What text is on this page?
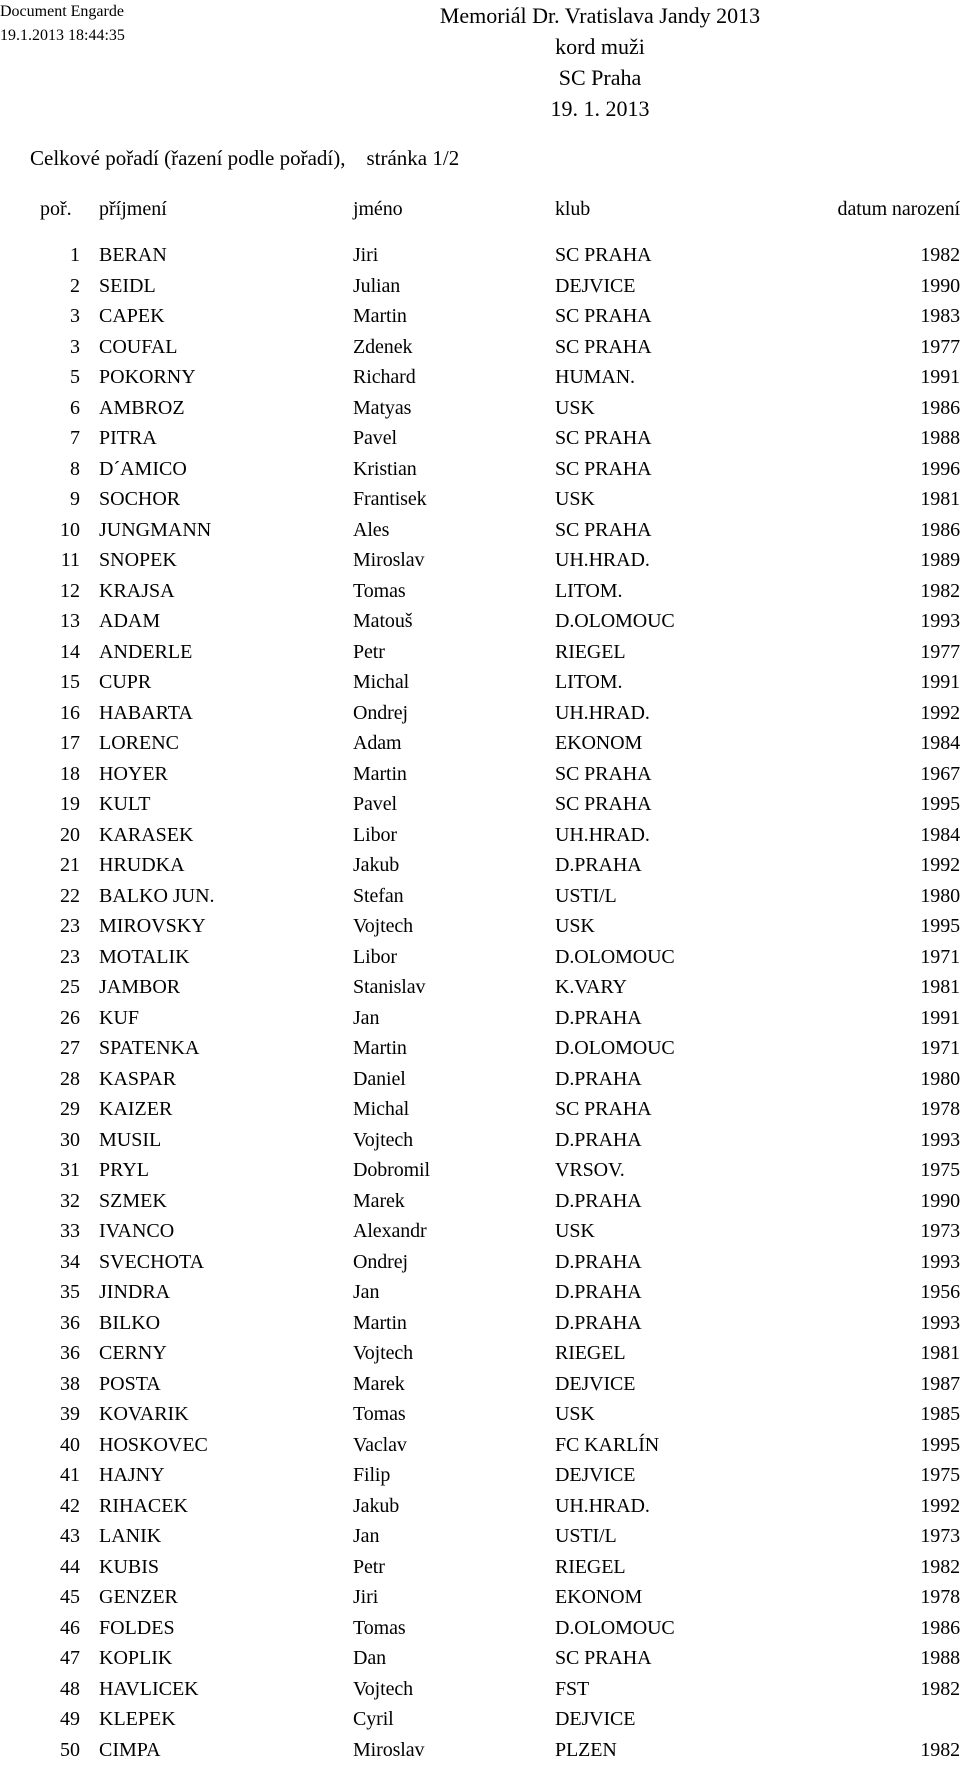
Document Engarde
19.1.2013 18:44:35
Memoriál Dr. Vratislava Jandy 2013
kord muži
SC Praha
19. 1. 2013
Celkové pořadí (řazení podle pořadí),    stránka 1/2
poř. příjmení	jméno	klub	datum narození
1 BERAN	Jiri	SC PRAHA	1982
2 SEIDL	Julian	DEJVICE	1990
3 CAPEK	Martin	SC PRAHA	1983
3 COUFAL	Zdenek	SC PRAHA	1977
5 POKORNY	Richard	HUMAN.	1991
6 AMBROZ	Matyas	USK	1986
7 PITRA	Pavel	SC PRAHA	1988
8 D´AMICO	Kristian	SC PRAHA	1996
9 SOCHOR	Frantisek	USK	1981
10 JUNGMANN	Ales	SC PRAHA	1986
11 SNOPEK	Miroslav	UH.HRAD.	1989
12 KRAJSA	Tomas	LITOM.	1982
13 ADAM	Matouš	D.OLOMOUC	1993
14 ANDERLE	Petr	RIEGEL	1977
15 CUPR	Michal	LITOM.	1991
16 HABARTA	Ondrej	UH.HRAD.	1992
17 LORENC	Adam	EKONOM	1984
18 HOYER	Martin	SC PRAHA	1967
19 KULT	Pavel	SC PRAHA	1995
20 KARASEK	Libor	UH.HRAD.	1984
21 HRUDKA	Jakub	D.PRAHA	1992
22 BALKO JUN.	Stefan	USTI/L	1980
23 MIROVSKY	Vojtech	USK	1995
23 MOTALIK	Libor	D.OLOMOUC	1971
25 JAMBOR	Stanislav	K.VARY	1981
26 KUF	Jan	D.PRAHA	1991
27 SPATENKA	Martin	D.OLOMOUC	1971
28 KASPAR	Daniel	D.PRAHA	1980
29 KAIZER	Michal	SC PRAHA	1978
30 MUSIL	Vojtech	D.PRAHA	1993
31 PRYL	Dobromil	VRSOV.	1975
32 SZMEK	Marek	D.PRAHA	1990
33 IVANCO	Alexandr	USK	1973
34 SVECHOTA	Ondrej	D.PRAHA	1993
35 JINDRA	Jan	D.PRAHA	1956
36 BILKO	Martin	D.PRAHA	1993
36 CERNY	Vojtech	RIEGEL	1981
38 POSTA	Marek	DEJVICE	1987
39 KOVARIK	Tomas	USK	1985
40 HOSKOVEC	Vaclav	FC KARLÍN	1995
41 HAJNY	Filip	DEJVICE	1975
42 RIHACEK	Jakub	UH.HRAD.	1992
43 LANIK	Jan	USTI/L	1973
44 KUBIS	Petr	RIEGEL	1982
45 GENZER	Jiri	EKONOM	1978
46 FOLDES	Tomas	D.OLOMOUC	1986
47 KOPLIK	Dan	SC PRAHA	1988
48 HAVLICEK	Vojtech	FST	1982
49 KLEPEK	Cyril	DEJVICE
50 CIMPA	Miroslav	PLZEN	1982
